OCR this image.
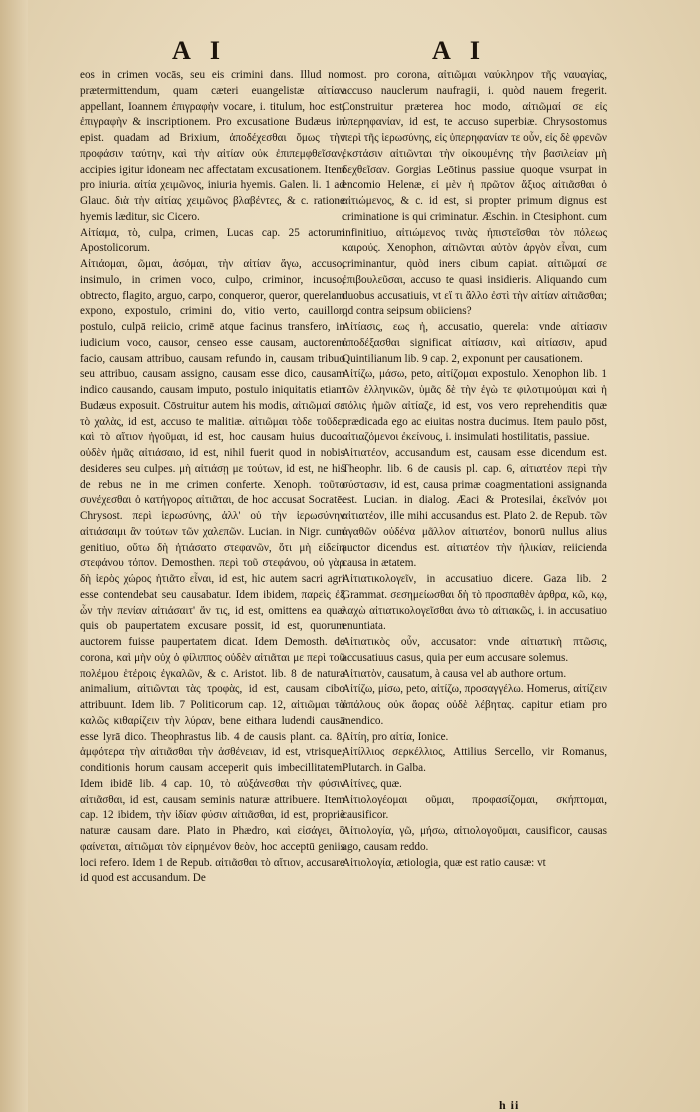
A I	A I

eos in crimen vocās, seu eis crimini dans. Illud non prætermittendum, quam cæteri euangelistæ αἰτίαν appellant, Ioannem ἐπιγραφὴν vocare, i. titulum, hoc est, ἐπιγραφὴν & inscriptionem. Pro excusatione Budæus in epist. quadam ad Brixium, ἀποδέχεσθαι ὅμως τὴν προφάσιν ταύτην, καὶ τὴν αἰτίαν οὐκ ἐπιπεμφθεῖσαν, accipies igitur idoneam nec affectatam excusationem. Item pro iniuria. αἰτία χειμῶνος, iniuria hyemis. Galen. li. 1 ad Glauc. διὰ τὴν αἰτίας χειμῶνος βλαβέντες, & c. ratione hyemis læditur, sic Cicero.

Αἰτίαμα, τὸ, culpa, crimen, Lucas cap. 25 actorum Apostolicorum.

Αἰτιάομαι, ῶμαι, ἀσόμαι, τὴν αἰτίαν ἄγω, accuso, insimulo, in crimen voco, culpo, criminor, incuso, obtrecto, flagito, arguo, carpo, conqueror, queror, querelam expono, expostulo, crimini do, vitio verto, cauillor, postulo, culpā reiicio, crimē atque facinus transfero, in iudicium voco, causor, censeo esse causam, auctorem facio, causam attribuo, causam refundo in, causam tribuo seu attribuo, causam assigno, causam esse dico, causam indico causando, causam imputo, postulo iniquitatis etiam Budæus exposuit. Cōstruitur autem his modis, αἰτιῶμαί σε τὸ χαλὰς, id est, accuso te malitiæ. αἰτιῶμαι τὸδε τοῦδε, καὶ τὸ αἴτιον ἡγοῦμαι, id est, hoc causam huius duco. οὐδὲν ἡμᾶς αἰτιάσαιο, id est, nihil fuerit quod in nobis desideres seu culpes. μὴ αἰτιάσῃ με τούτων, id est, ne his de rebus ne in me crimen conferte. Xenoph. τοῦτο συνέχεσθαι ὁ κατήγορος αἰτιᾶται, de hoc accusat Socratē. Chrysost. περὶ ἱερωσύνης, ἀλλ' οὐ τὴν ἱερωσύνην αἰτιάσαιμι ἂν τούτων τῶν χαλεπῶν. Lucian. in Nigr. cum genitiuo, οὕτω δὴ ἠτιάσατο στεφανῶν, ὅτι μὴ εἰδείη στεφάνου τόπον. Demosthen. περὶ τοῦ στεφάνου, οὐ γὰρ δὴ ἱερὸς χώρος ἠτιᾶτο εἶναι, id est, hic autem sacri agri esse contendebat seu causabatur. Idem ibidem, παρεὶς ἐξ ὧν τὴν πενίαν αἰτιάσαιτ' ἄν τις, id est, omittens ea quæ quis ob paupertatem excusare possit, id est, quorum auctorem fuisse paupertatem dicat. Idem Demosth. de corona, καὶ μὴν οὐχ ὁ φίλιππος οὐδὲν αἰτιᾶται με περὶ τοῦ πολέμου ἑτέροις ἐγκαλῶν, & c. Aristot. lib. 8 de natura animalium, αἰτιῶνται τὰς τροφὰς, id est, causam cibo attribuunt. Idem lib. 7 Politicorum cap. 12, αἰτιῶμαι τὸ καλῶς κιθαρίζειν τὴν λύραν, bene eithara ludendi causā esse lyrā dico. Theophrastus lib. 4 de causis plant. ca. 8, ἀμφότερα τὴν αἰτιᾶσθαι τὴν ἀσθένειαν, id est, vtrisque; conditionis horum causam acceperit quis imbecillitatem. Idem ibidē lib. 4 cap. 10, τὸ αὐξάνεσθαι τὴν φύσιν αἰτιᾶσθαι, id est, causam seminis naturæ attribuere. Item cap. 12 ibidem, τὴν ἰδίαν φύσιν αἰτιᾶσθαι, id est, propriè naturæ causam dare. Plato in Phædro, καὶ εἰσάγει, ὃ φαίνεται, αἰτιῶμαι τὸν εἰρημένον θεὸν, hoc acceptū geniis loci refero. Idem 1 de Repub. αἰτιᾶσθαι τὸ αἴτιον, accusare id quod est accusandum. De

most. pro corona, αἰτιῶμαι ναύκληρον τῆς ναυαγίας, accuso nauclerum naufragii, i. quòd nauem fregerit. Construitur præterea hoc modo, αἰτιῶμαί σε εἰς ὑπερηφανίαν, id est, te accuso superbiæ. Chrysostomus περὶ τῆς ἱερωσύνης, εἰς ὑπερηφανίαν τε οὖν, εἰς δὲ φρενῶν ἐκστάσιν αἰτιῶνται τὴν οἰκουμένης τὴν βασιλείαν μὴ δεχθεῖσαν. Gorgias Leōtinus passiue quoque vsurpat in encomio Helenæ, εἰ μὲν ἡ πρῶτον ἄξιος αἰτιᾶσθαι ὁ αἰτιώμενος, & c. id est, si propter primum dignus est criminatione is qui criminatur. Æschin. in Ctesiphont. cum infinitiuo, αἰτιώμενος τινὰς ἠπιστεῖσθαι τὸν πόλεως καιρούς. Xenophon, αἰτιῶνται αὐτὸν ἀργὸν εἶναι, cum criminantur, quòd iners cibum capiat. αἰτιῶμαί σε ἐπιβουλεῦσαι, accuso te quasi insidieris. Aliquando cum duobus accusatiuis, vt εἴ τι ἄλλο ἐστὶ τὴν αἰτίαν αἰτιᾶσθαι; qd contra seipsum obiiciens?

Αἰτίασις, εως ἡ, accusatio, querela: vnde αἰτίασιν ἀποδέξασθαι significat αἰτίασιν, καὶ αἰτίασιν, apud Quintilianum lib. 9 cap. 2, exponunt per causationem.

Αἰτίζω, μάσω, peto, αἰτίζομαι expostulo. Xenophon lib. 1 τῶν ἑλληνικῶν, ὑμᾶς δὲ τὴν ἐγὼ τε φιλοτιμούμαι καὶ ἡ πόλις ἡμῶν αἰτίαζε, id est, vos vero reprehenditis quæ prædicada ego ac eiuitas nostra ducimus. Item paulo pōst, αἰτιαζόμενοι ἐκείνους, i. insimulati hostilitatis, passiue.

Αἰτιατέον, accusandum est, causam esse dicendum est. Theophr. lib. 6 de causis pl. cap. 6, αἰτιατέον περὶ τὴν σύστασιν, id est, causa primæ coagmentationi assignanda est. Lucian. in dialog. Æaci & Protesilai, ἐκεῖνόν μοι αἰτιατέον, ille mihi accusandus est. Plato 2. de Repub. τῶν ἀγαθῶν οὐδένα μᾶλλον αἰτιατέον, bonorū nullus alius auctor dicendus est. αἰτιατέον τὴν ἡλικίαν, reiicienda causa in ætatem.

Αἰτιατικολογεῖν, in accusatiuo dicere. Gaza lib. 2 Grammat. σεσημείωσθαι δὴ τὸ προσπαθὲν ἀρθρα, κῶ, κῳ, λαχὼ αἰτιατικολογεῖσθαι ἀνω τὸ αἰτιακῶς, i. in accusatiuo enuntiata.

Αἰτιατικὸς οὖν, accusator: vnde αἰτιατικὴ πτῶσις, accusatiuus casus, quia per eum accusare solemus.

Αἰτιατὸν, causatum, à causa vel ab authore ortum.

Αἰτίζω, μίσω, peto, αἰτίζω, προσαγγέλω. Homerus, αἰτίζειν ἀπάλους οὐκ ἄορας οὐδὲ λέβητας. capitur etiam pro mendico.

Αἰτίη, pro αἰτία, Ionice.

Αἰτίλλιος σερκέλλιος, Attilius Sercello, vir Romanus, Plutarch. in Galba.

Αἰτίνες, quæ.

Αἰτιολογέομαι οῦμαι, προφασίζομαι, σκήπτομαι, causificor.

Αἰτιολογία, γῶ, μήσω, αἰτιολογοῦμαι, causificor, causas ago, causam reddo.

Αἰτιολογία, ætiologia, quæ est ratio causæ: vt

h ii
